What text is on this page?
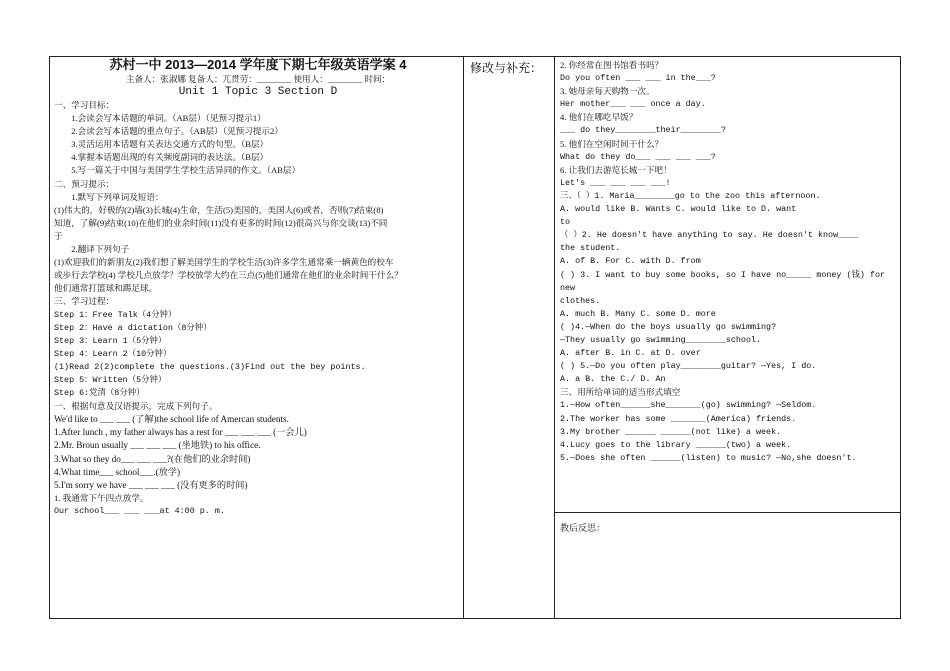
苏村一中 2013—2014 学年度下期七年级英语学案 4
主备人：张淑娜 复备人：兀贯劳：________ 使用人：________ 时间：
Unit 1 Topic 3 Section D
一、学习目标：
　　1.会读会写本话题的单词。（AB层）（见预习提示1）
　　2.会读会写本话题的重点句子。（AB层）（见预习提示2）
　　3.灵活运用本话题有关表达交通方式的句型。（B层）
　　4.掌握本话题出现的有关频度副词的表达法。（B层）
　　5.写一篇关于中国与美国学生学校生活异同的作文。（AB层）
二、预习提示：
　　1.默写下列单词及短语：
(1)伟大的，好极的(2)墙(3)长城(4)生命，生活(5)美国的，美国人(6)或者，否则(7)结束(8)
知道，了解(9)结束(10)在他们的业余时间(11)没有更多的时间(12)很高兴与你交谈(13)不同
于
　　2.翻译下列句子
(1)欢迎我们的新朋友(2)我们想了解美国学生的学校生活(3)许多学生通常乘一辆黄色的校车
或步行去学校(4) 学校几点放学？学校放学大约在三点(5)他们通常在他们的业余时间干什么？
他们通常打篮球和踢足球。
三、学习过程：
Step 1：Free Talk（4分钟）
Step 2：Have a dictation（8分钟）
Step 3：Learn 1（5分钟）
Step 4：Learn 2（10分钟）
(1)Read 2(2)complete the questions.(3)Find out the bey points.
Step 5：Written（5分钟）
Step 6:党清（8分钟）
一、根据句意及汉语提示，完成下列句子。
We'd like to ___ ___ (了解)the school life of Amercan students.
1.After lunch , my father always has a rest for ___ ___ ___ (一会儿)
2.Mr. Broun usually ___ ___ ___ (坐地铁) to his office.
3.What so they do___ ___ ___?(在他们的业余时间)
4.What time___ school___.(放学)
5.I'm sorry we have ___ ___ ___ (没有更多的时间)
1. 我通常下午四点放学。
Our school___ ___ ___at 4:00 p. m.
修改与补充： 2. 你经常在图书馆看书吗？
Do you often ___ ___ in the___?
3. 她母亲每天购物一次。
Her mother___ ___ once a day.
4. 他们在哪吃早饭？
___ do they________their________?
5. 他们在空闲时间干什么？
What do they do___ ___ ___ ___?
6. 让我们去游览长城一下吧！
Let's ___ ___ ___ ___!
三、（ ）1. Maria________go to the zoo this afternoon.
A. would like B. Wants C. would like to D. want
to
（ ）2. He doesn't have anything to say. He doesn't know____
the student.
A. of B. For C. with D. from
( ) 3. I want to buy some books, so I have no_____ money (钱) for
new
clothes.
A. much B. Many C. some D. more
( )4.—When do the boys usually go swimming?
—They usually go swimming________school.
A. after B. in C. at D. over
( ) 5.—Do you often play________guitar? —Yes, I do.
A. a B. the C./ D. An
三、用所给单词的适当形式填空
1.—How often______she_______(go) swimming? —Seldom.
2.The worker has some _______(America) friends.
3.My brother ______ ______(not like) a week.
4.Lucy goes to the library ______(two) a week.
5.—Does she often ______(listen) to music? —No,she doesn't.
教后反思：
